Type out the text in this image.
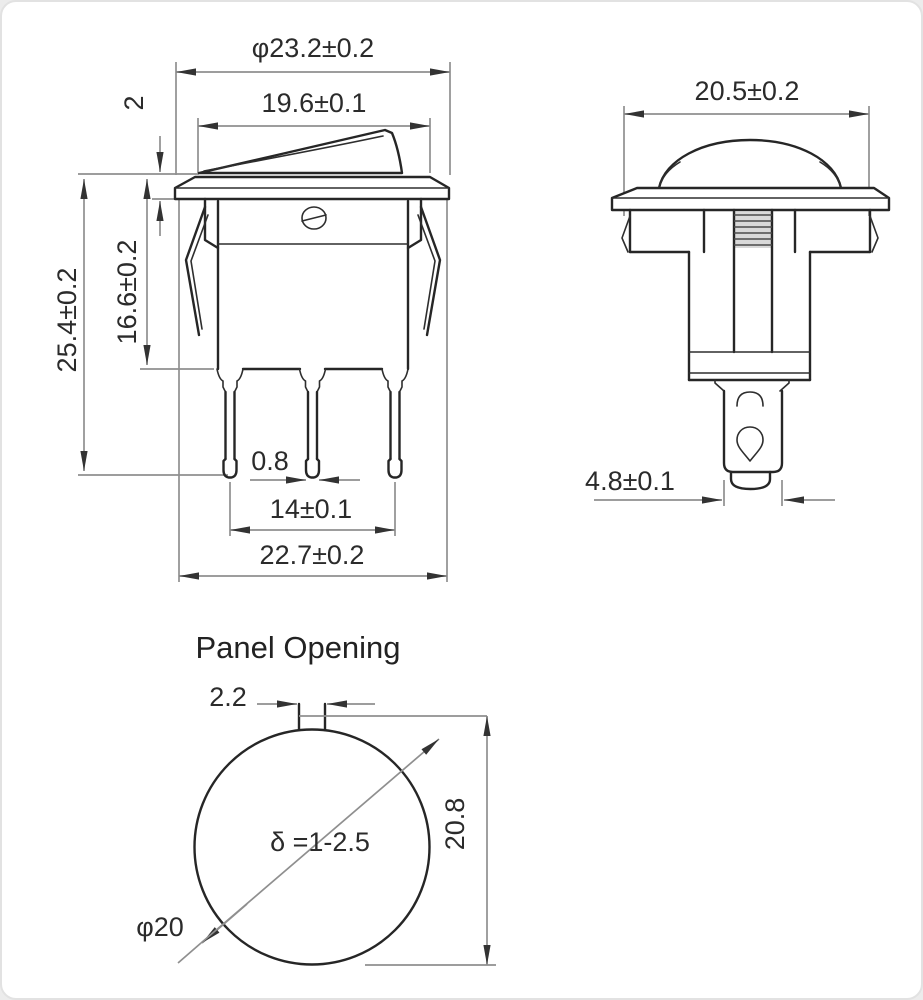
φ23.2±0.2
19.6±0.1
2
25.4±0.2 16.6±0.2
0.8
14±0.1
22.7±0.2
20.5±0.2
4.8±0.1
Panel Opening
2.2
δ =1-2.5
φ20
20.8
